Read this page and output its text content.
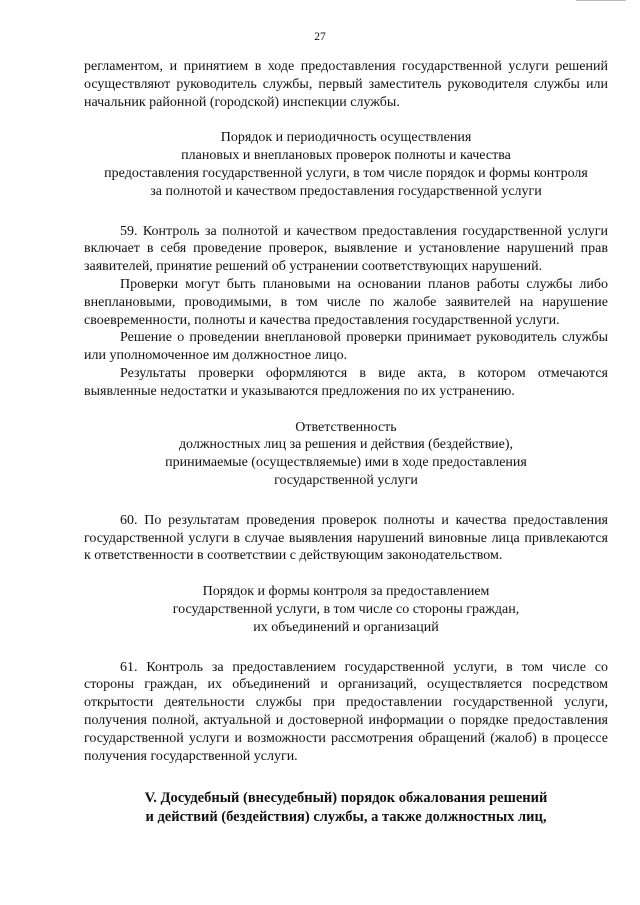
27

регламентом, и принятием в ходе предоставления государственной услуги решений осуществляют руководитель службы, первый заместитель руководителя службы или начальник районной (городской) инспекции службы.

Порядок и периодичность осуществления
плановых и внеплановых проверок полноты и качества
предоставления государственной услуги, в том числе порядок и формы контроля
за полнотой и качеством предоставления государственной услуги

59. Контроль за полнотой и качеством предоставления государственной услуги включает в себя проведение проверок, выявление и установление нарушений прав заявителей, принятие решений об устранении соответствующих нарушений.

Проверки могут быть плановыми на основании планов работы службы либо внеплановыми, проводимыми, в том числе по жалобе заявителей на нарушение своевременности, полноты и качества предоставления государственной услуги.

Решение о проведении внеплановой проверки принимает руководитель службы или уполномоченное им должностное лицо.

Результаты проверки оформляются в виде акта, в котором отмечаются выявленные недостатки и указываются предложения по их устранению.

Ответственность
должностных лиц за решения и действия (бездействие),
принимаемые (осуществляемые) ими в ходе предоставления
государственной услуги

60. По результатам проведения проверок полноты и качества предоставления государственной услуги в случае выявления нарушений виновные лица привлекаются к ответственности в соответствии с действующим законодательством.

Порядок и формы контроля за предоставлением
государственной услуги, в том числе со стороны граждан,
их объединений и организаций

61. Контроль за предоставлением государственной услуги, в том числе со стороны граждан, их объединений и организаций, осуществляется посредством открытости деятельности службы при предоставлении государственной услуги, получения полной, актуальной и достоверной информации о порядке предоставления государственной услуги и возможности рассмотрения обращений (жалоб) в процессе получения государственной услуги.

V. Досудебный (внесудебный) порядок обжалования решений
и действий (бездействия) службы, а также должностных лиц,
